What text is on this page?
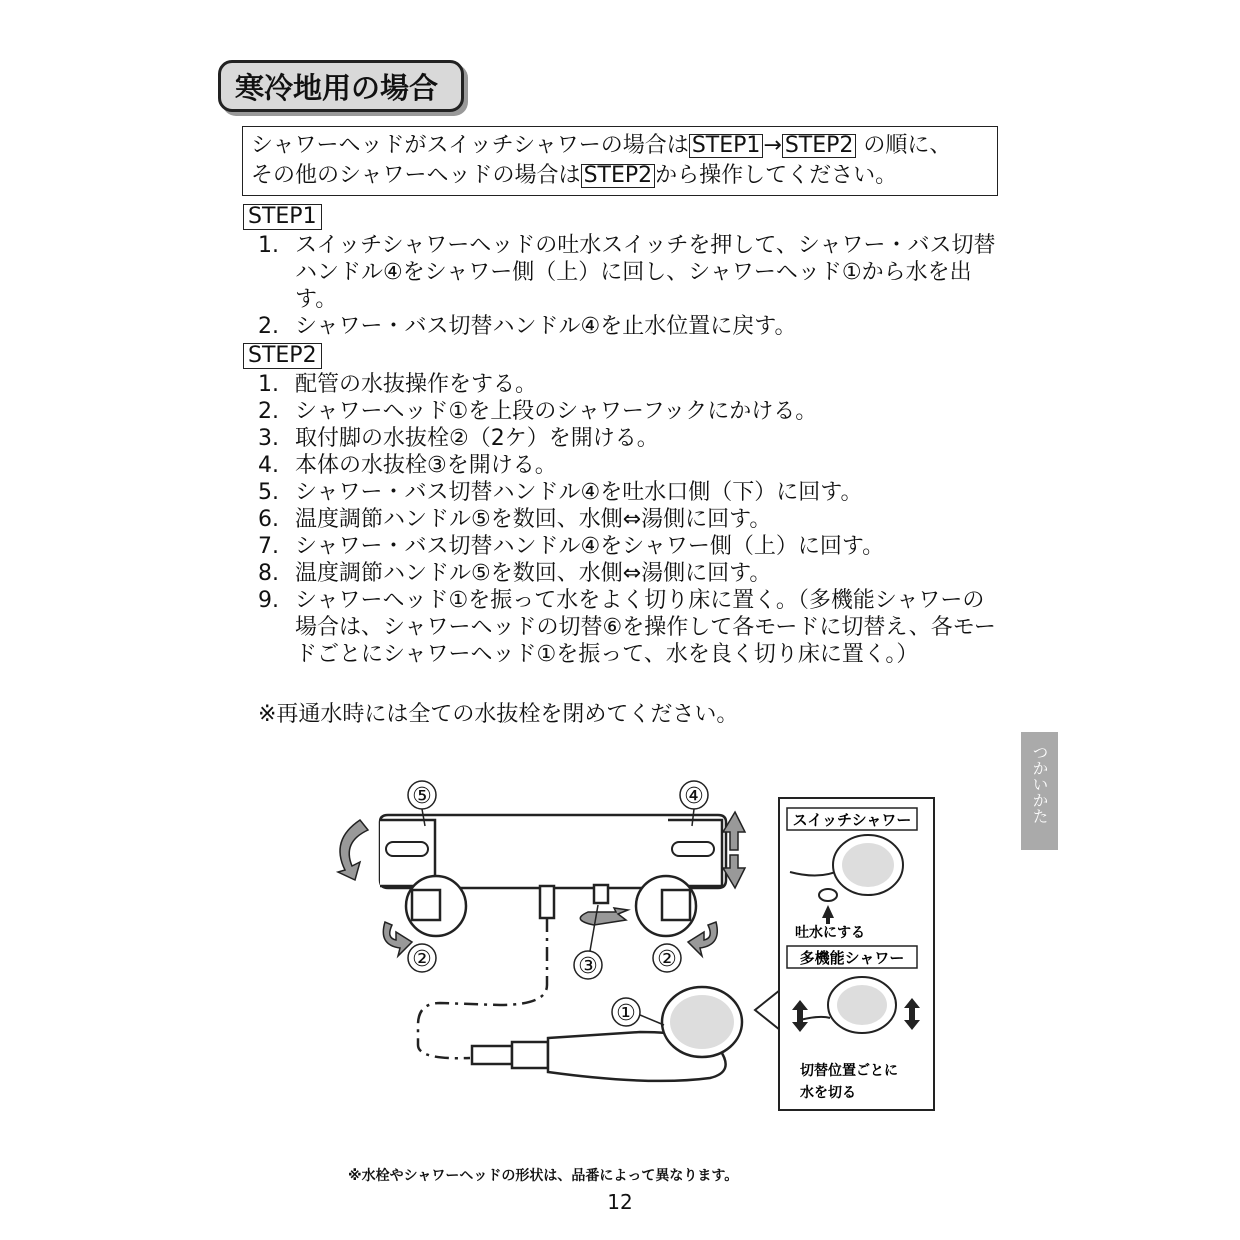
寒冷地用の場合
シャワーヘッドがスイッチシャワーの場合は STEP1 → STEP2 の順に、
その他のシャワーヘッドの場合は STEP2 から操作してください。
STEP1
1. スイッチシャワーヘッドの吐水スイッチを押して、シャワー・バス切替ハンドル④をシャワー側（上）に回し、シャワーヘッド①から水を出す。
2. シャワー・バス切替ハンドル④を止水位置に戻す。
STEP2
1. 配管の水抜操作をする。
2. シャワーヘッド①を上段のシャワーフックにかける。
3. 取付脚の水抜栓②（2ケ）を開ける。
4. 本体の水抜栓③を開ける。
5. シャワー・バス切替ハンドル④を吐水口側（下）に回す。
6. 温度調節ハンドル⑤を数回、水側⇔湯側に回す。
7. シャワー・バス切替ハンドル④をシャワー側（上）に回す。
8. 温度調節ハンドル⑤を数回、水側⇔湯側に回す。
9. シャワーヘッド①を振って水をよく切り床に置く。（多機能シャワーの場合は、シャワーヘッドの切替⑥を操作して各モードに切替え、各モードごとにシャワーヘッド①を振って、水を良く切り床に置く。）
※再通水時には全ての水抜栓を閉めてください。
つかいかた
⑤	④
②	③	②
①
スイッチシャワー
吐水にする
多機能シャワー
切替位置ごとに
水を切る
※水栓やシャワーヘッドの形状は、品番によって異なります。
12
